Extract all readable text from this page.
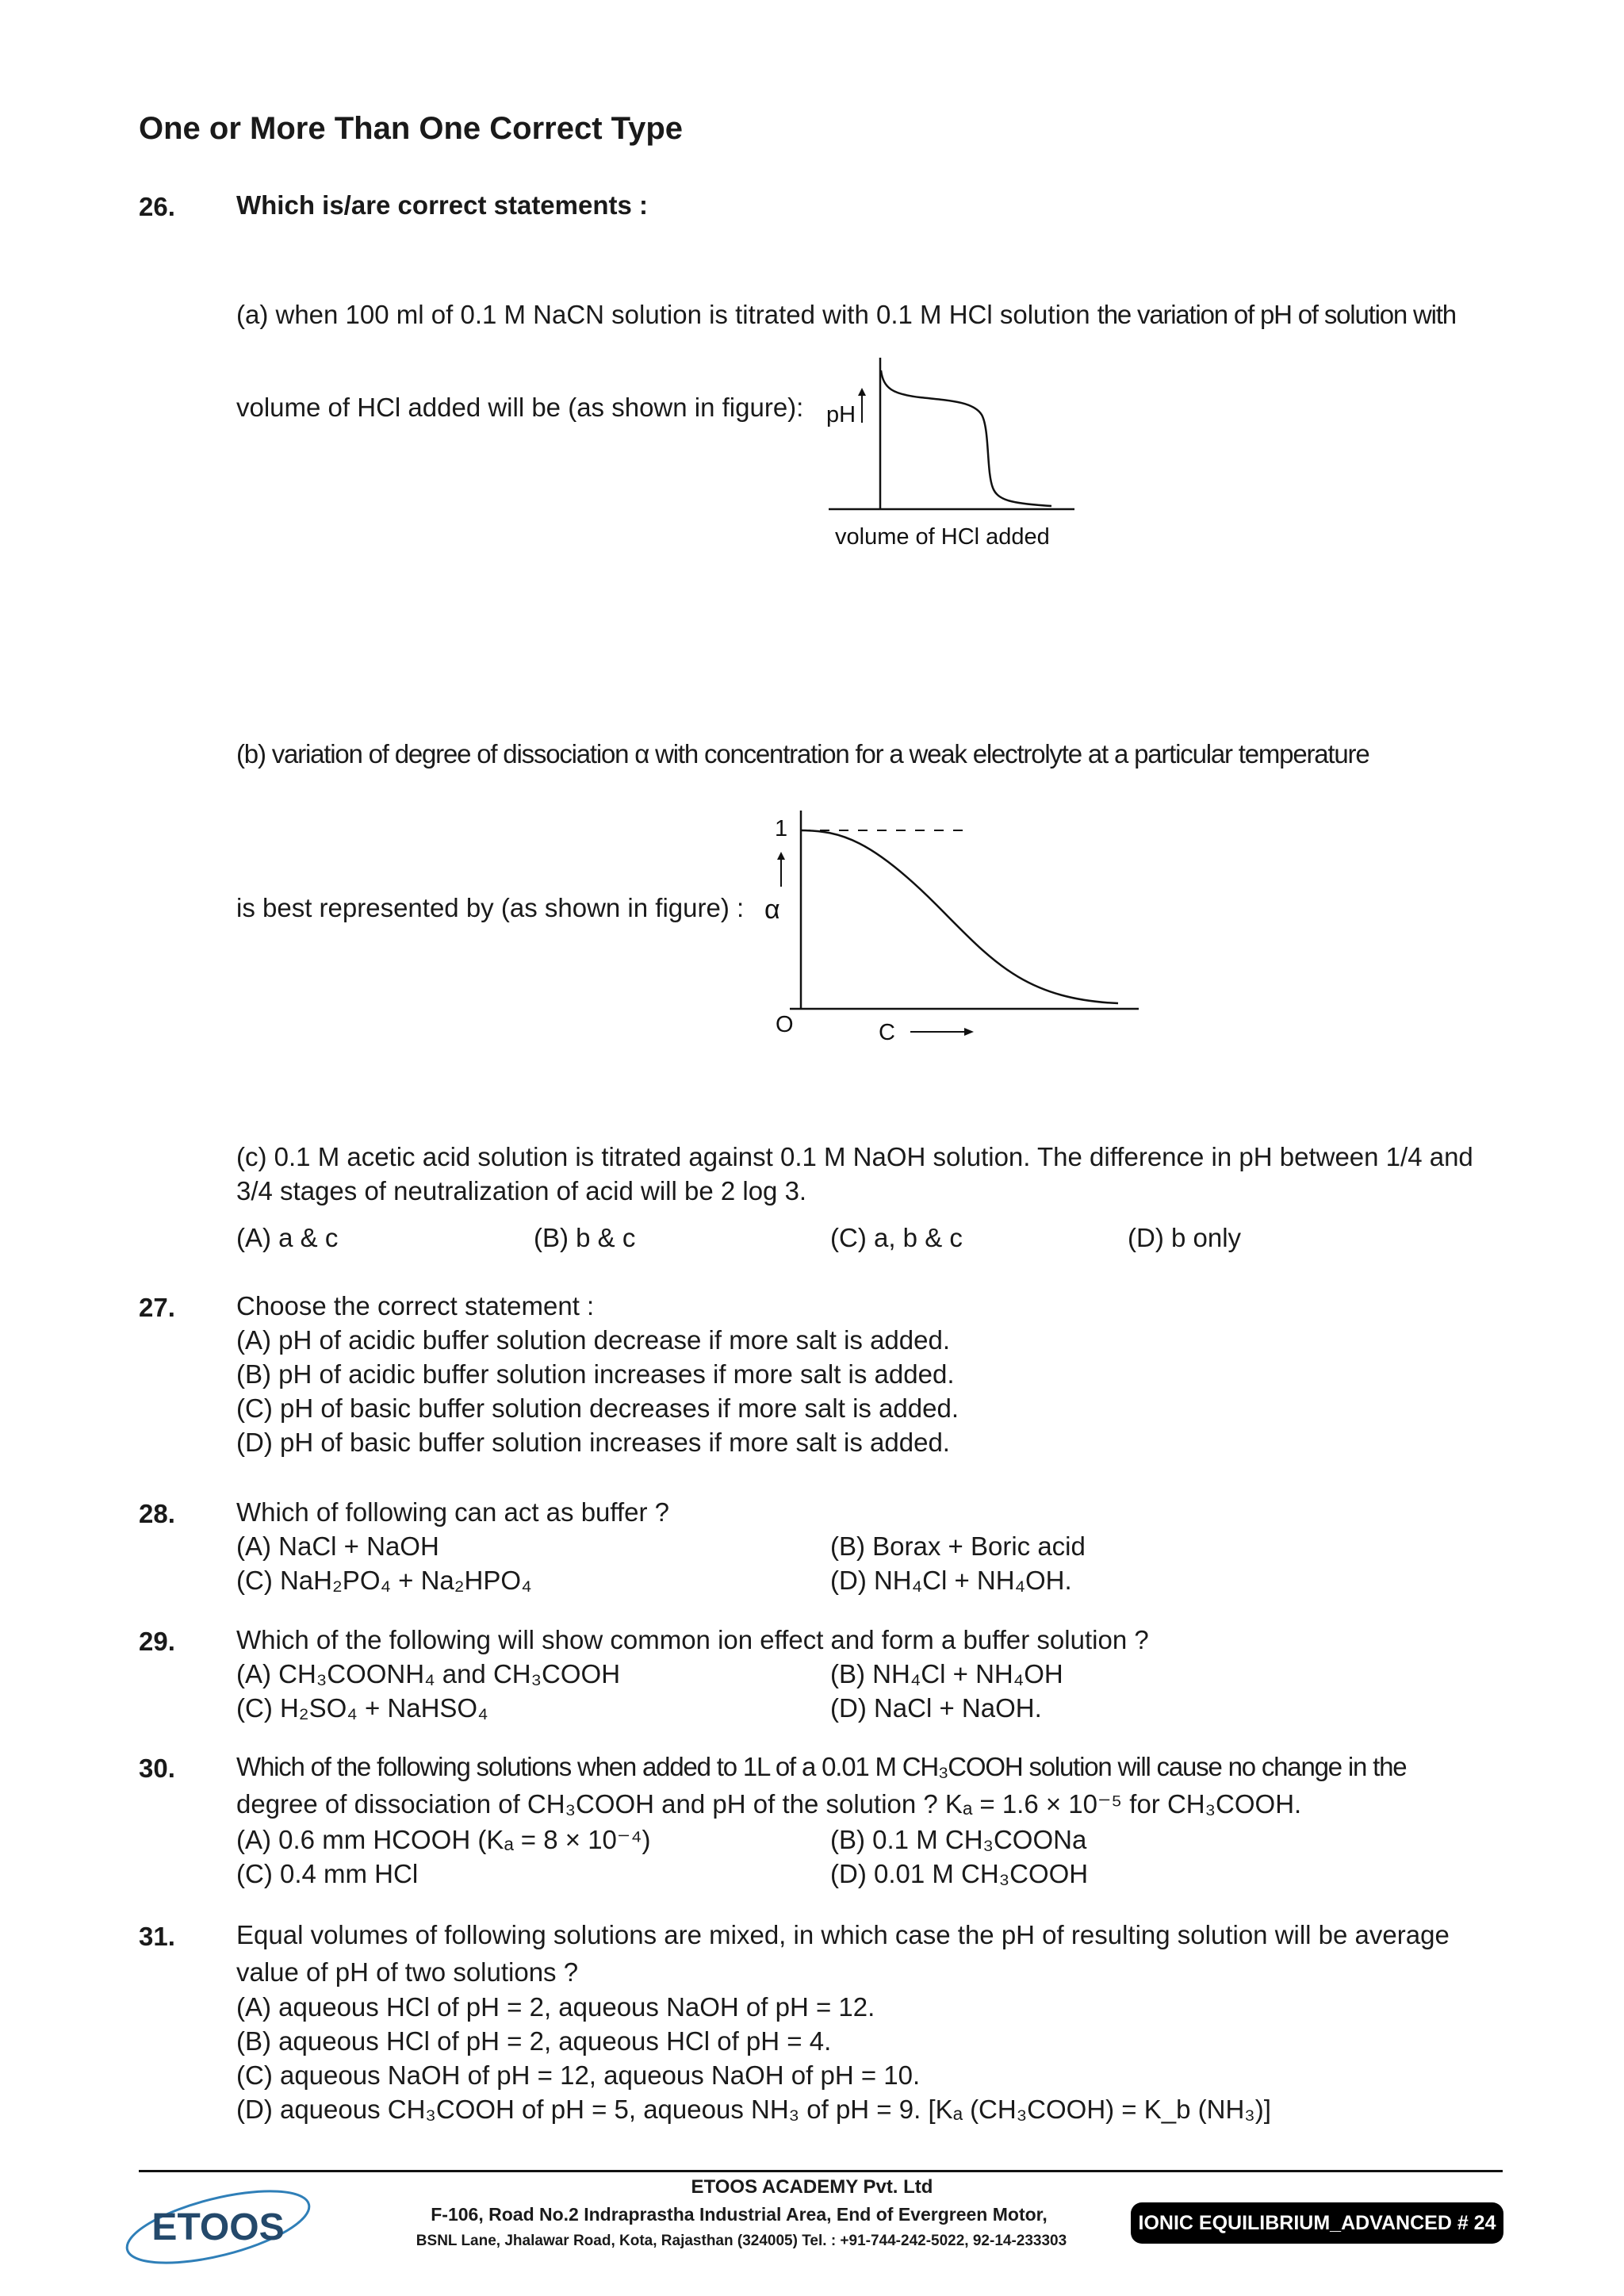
One or More Than One Correct Type
26. Which is/are correct statements :
(a) when 100 ml of 0.1 M NaCN solution is titrated with 0.1 M HCl solution the variation of pH of solution with
volume of HCl added will be (as shown in figure): pH
volume of HCl added
(b) variation of degree of dissociation α with concentration for a weak electrolyte at a particular temperature
is best represented by (as shown in figure) :
1
α
O	C
(c) 0.1 M acetic acid solution is titrated against 0.1 M NaOH solution. The difference in pH between 1/4 and
3/4 stages of neutralization of acid will be 2 log 3.
(A) a & c	(B) b & c	(C) a, b & c	(D) b only
27. Choose the correct statement :
(A) pH of acidic buffer solution decrease if more salt is added.
(B) pH of acidic buffer solution increases if more salt is added.
(C) pH of basic buffer solution decreases if more salt is added.
(D) pH of basic buffer solution increases if more salt is added.
28. Which of following can act as buffer ?
(A) NaCl + NaOH	(B) Borax + Boric acid
(C) NaH₂PO₄ + Na₂HPO₄	(D) NH₄Cl + NH₄OH.
29. Which of the following will show common ion effect and form a buffer solution ?
(A) CH₃COONH₄ and CH₃COOH	(B) NH₄Cl + NH₄OH
(C) H₂SO₄ + NaHSO₄	(D) NaCl + NaOH.
30. Which of the following solutions when added to 1L of a 0.01 M CH₃COOH solution will cause no change in the
degree of dissociation of CH₃COOH and pH of the solution ? Kₐ = 1.6 × 10⁻⁵ for CH₃COOH.
(A) 0.6 mm HCOOH (Kₐ = 8 × 10⁻⁴)	(B) 0.1 M CH₃COONa
(C) 0.4 mm HCl	(D) 0.01 M CH₃COOH
31. Equal volumes of following solutions are mixed, in which case the pH of resulting solution will be average
value of pH of two solutions ?
(A) aqueous HCl of pH = 2, aqueous NaOH of pH = 12.
(B) aqueous HCl of pH = 2, aqueous HCl of pH = 4.
(C) aqueous NaOH of pH = 12, aqueous NaOH of pH = 10.
(D) aqueous CH₃COOH of pH = 5, aqueous NH₃ of pH = 9. [Kₐ (CH₃COOH) = K_b (NH₃)]
ETOOS
ETOOS ACADEMY Pvt. Ltd
F-106, Road No.2 Indraprastha Industrial Area, End of Evergreen Motor,
BSNL Lane, Jhalawar Road, Kota, Rajasthan (324005) Tel. : +91-744-242-5022, 92-14-233303
IONIC EQUILIBRIUM_ADVANCED # 24
